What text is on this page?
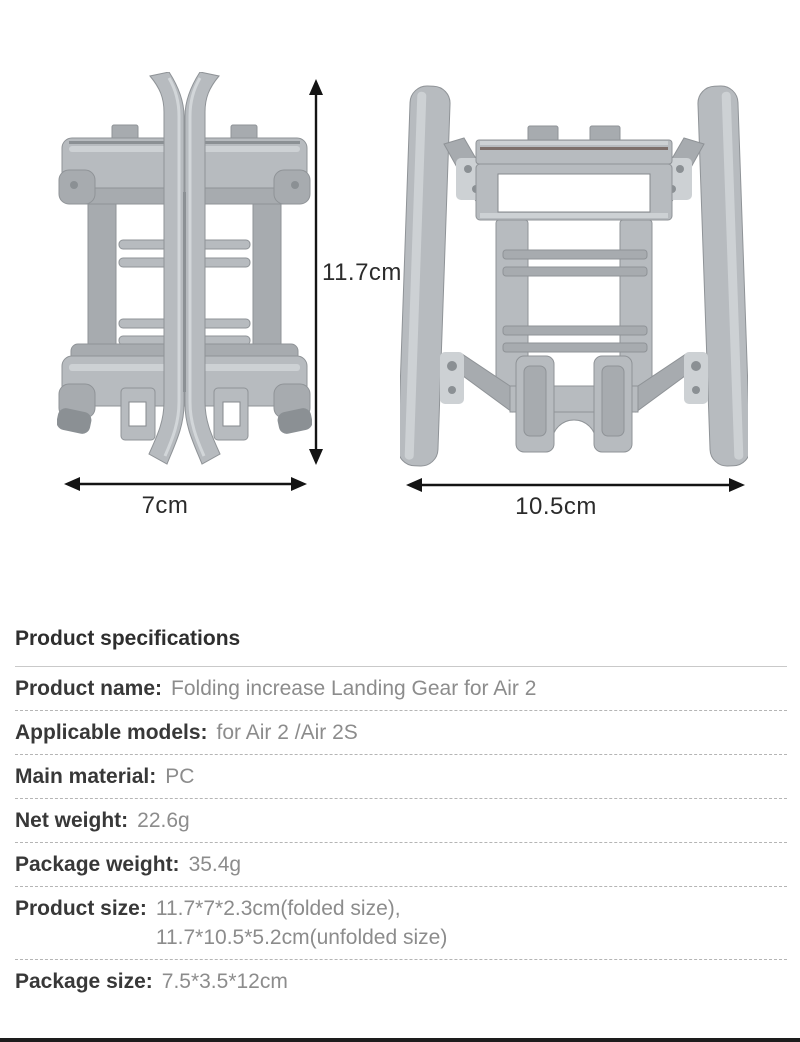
11.7cm
7cm	10.5cm
Product specifications
Product name: Folding increase Landing Gear for Air 2
Applicable models: for Air 2 /Air 2S
Main material: PC
Net weight: 22.6g
Package weight: 35.4g
Product size: 11.7*7*2.3cm(folded size),
11.7*10.5*5.2cm(unfolded size)
Package size: 7.5*3.5*12cm
